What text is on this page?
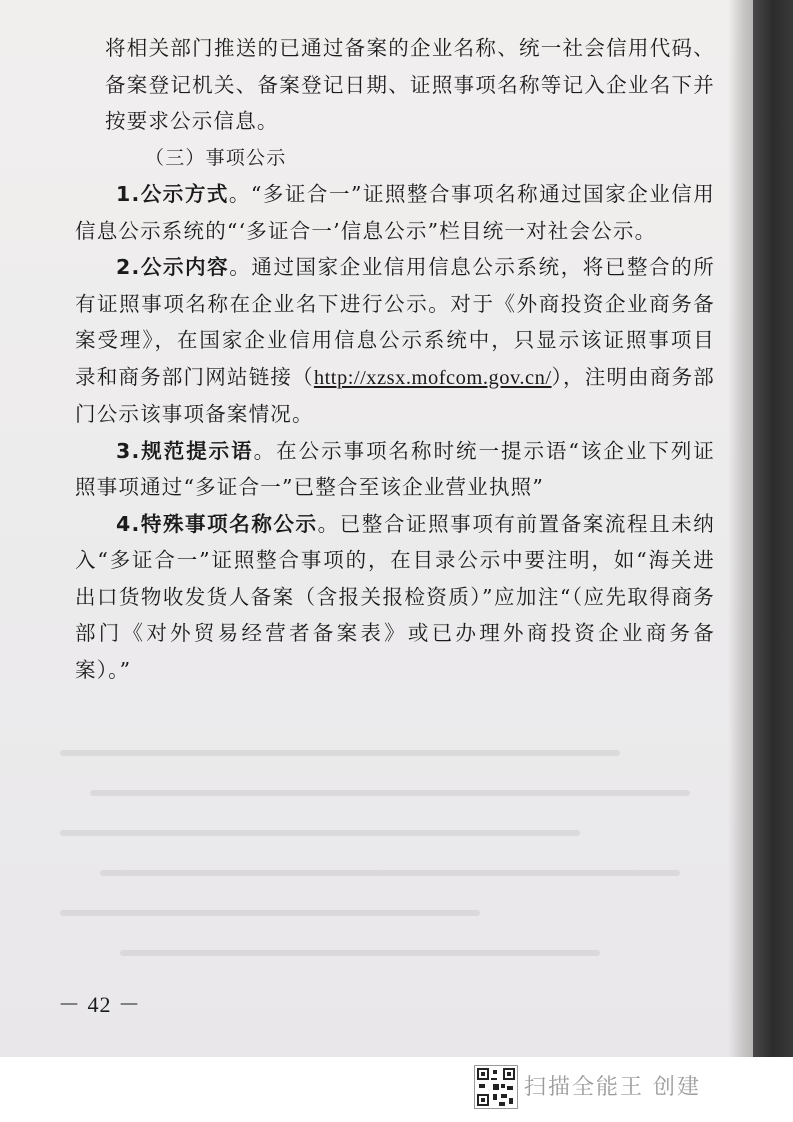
将相关部门推送的已通过备案的企业名称、统一社会信用代码、备案登记机关、备案登记日期、证照事项名称等记入企业名下并按要求公示信息。

（三）事项公示

1.公示方式。“多证合一”证照整合事项名称通过国家企业信用信息公示系统的“‘多证合一’信息公示”栏目统一对社会公示。

2.公示内容。通过国家企业信用信息公示系统，将已整合的所有证照事项名称在企业名下进行公示。对于《外商投资企业商务备案受理》，在国家企业信用信息公示系统中，只显示该证照事项目录和商务部门网站链接（http://xzsx.mofcom.gov.cn/），注明由商务部门公示该事项备案情况。

3.规范提示语。在公示事项名称时统一提示语“该企业下列证照事项通过“多证合一”已整合至该企业营业执照”

4.特殊事项名称公示。已整合证照事项有前置备案流程且未纳入“多证合一”证照整合事项的，在目录公示中要注明，如“海关进出口货物收发货人备案（含报关报检资质）”应加注“（应先取得商务部门《对外贸易经营者备案表》或已办理外商投资企业商务备案）。”

－ 42 －
扫描全能王 创建
